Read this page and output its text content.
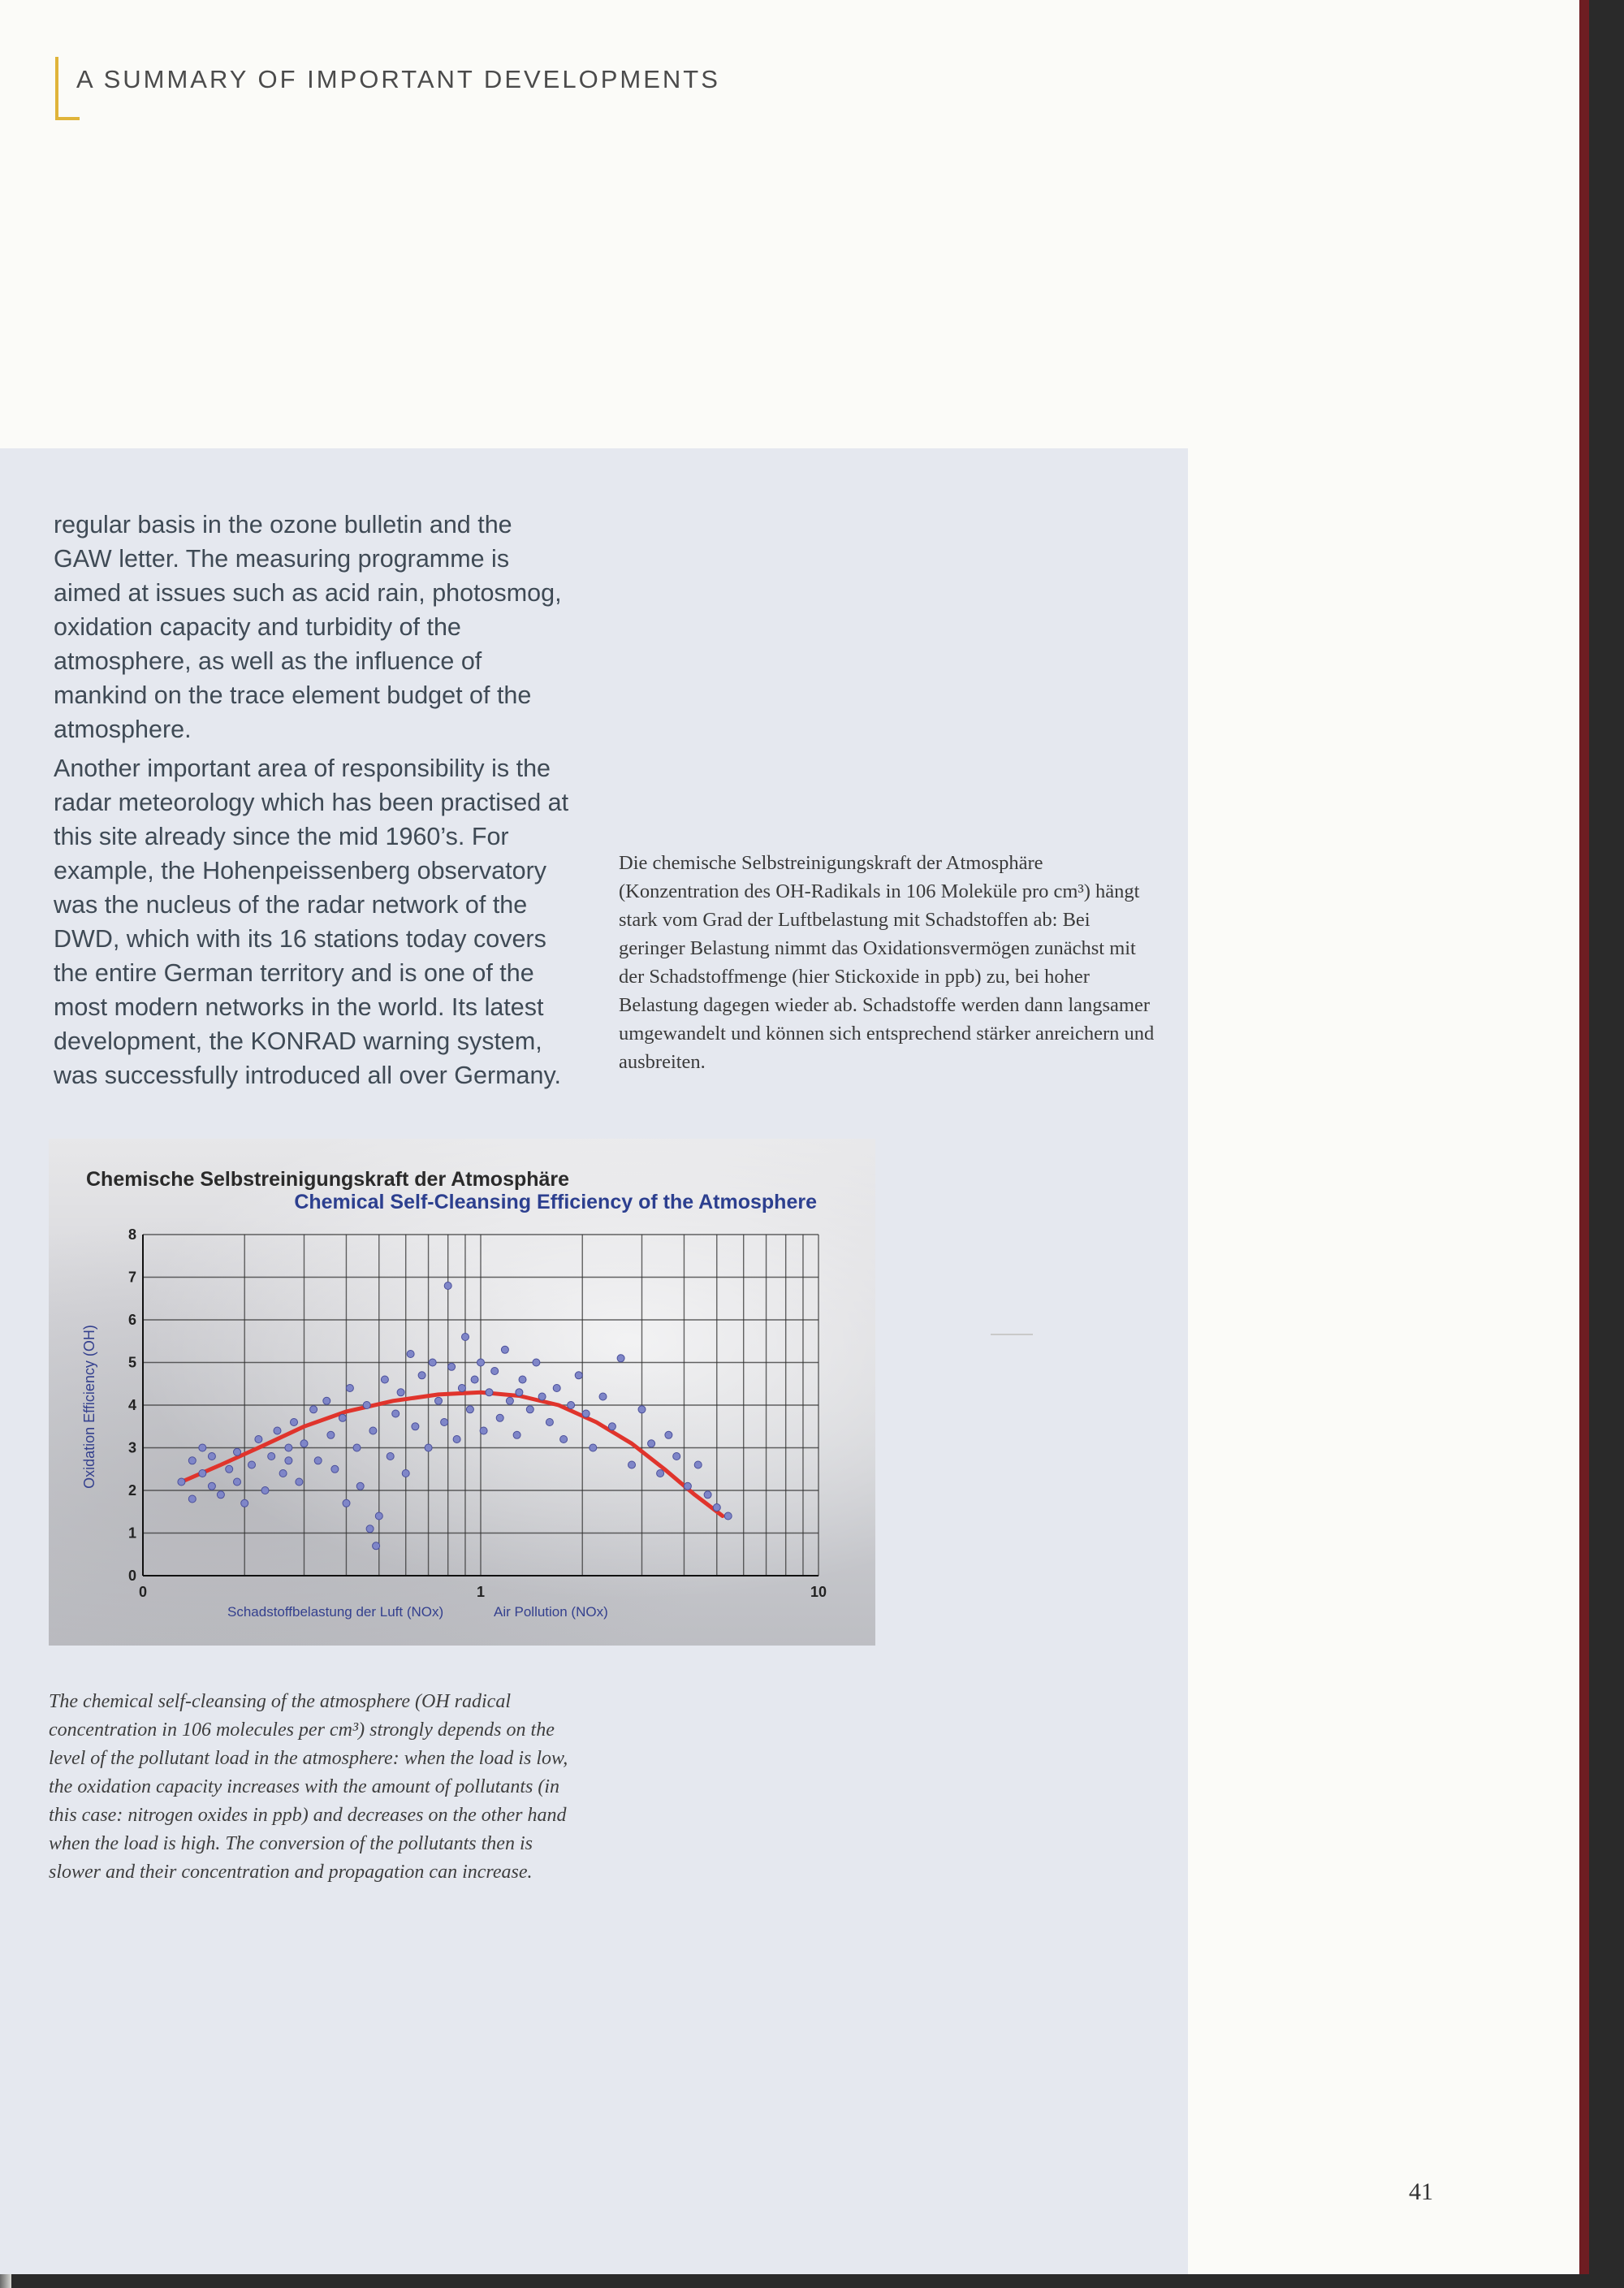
A SUMMARY OF IMPORTANT DEVELOPMENTS

regular basis in the ozone bulletin and the GAW letter. The measuring programme is aimed at issues such as acid rain, photosmog, oxidation capacity and turbidity of the atmosphere, as well as the influence of mankind on the trace element budget of the atmosphere.

Another important area of responsibility is the radar meteorology which has been practised at this site already since the mid 1960’s. For example, the Hohenpeissenberg observatory was the nucleus of the radar network of the DWD, which with its 16 stations today covers the entire German territory and is one of the most modern networks in the world. Its latest development, the KONRAD warning system, was successfully introduced all over Germany.

Die chemische Selbstreinigungskraft der Atmosphäre (Konzentration des OH-Radikals in 106 Moleküle pro cm³) hängt stark vom Grad der Luftbelastung mit Schadstoffen ab: Bei geringer Belastung nimmt das Oxidationsvermögen zunächst mit der Schadstoffmenge (hier Stickoxide in ppb) zu, bei hoher Belastung dagegen wieder ab. Schadstoffe werden dann langsamer umgewandelt und können sich entsprechend stärker anreichern und ausbreiten.
0
1
2
3
4
5
6
7
8
0	1	10
Chemische Selbstreinigungskraft der Atmosphäre
Chemical Self-Cleansing Efficiency of the Atmosphere
Oxidation Efficiency (OH)
Schadstoffbelastung der Luft (NOx)	Air Pollution (NOx)
The chemical self-cleansing of the atmosphere (OH radical concentration in 106 molecules per cm³) strongly depends on the level of the pollutant load in the atmosphere: when the load is low, the oxidation capacity increases with the amount of pollutants (in this case: nitrogen oxides in ppb) and decreases on the other hand when the load is high. The conversion of the pollutants then is slower and their concentration and propagation can increase.
41
